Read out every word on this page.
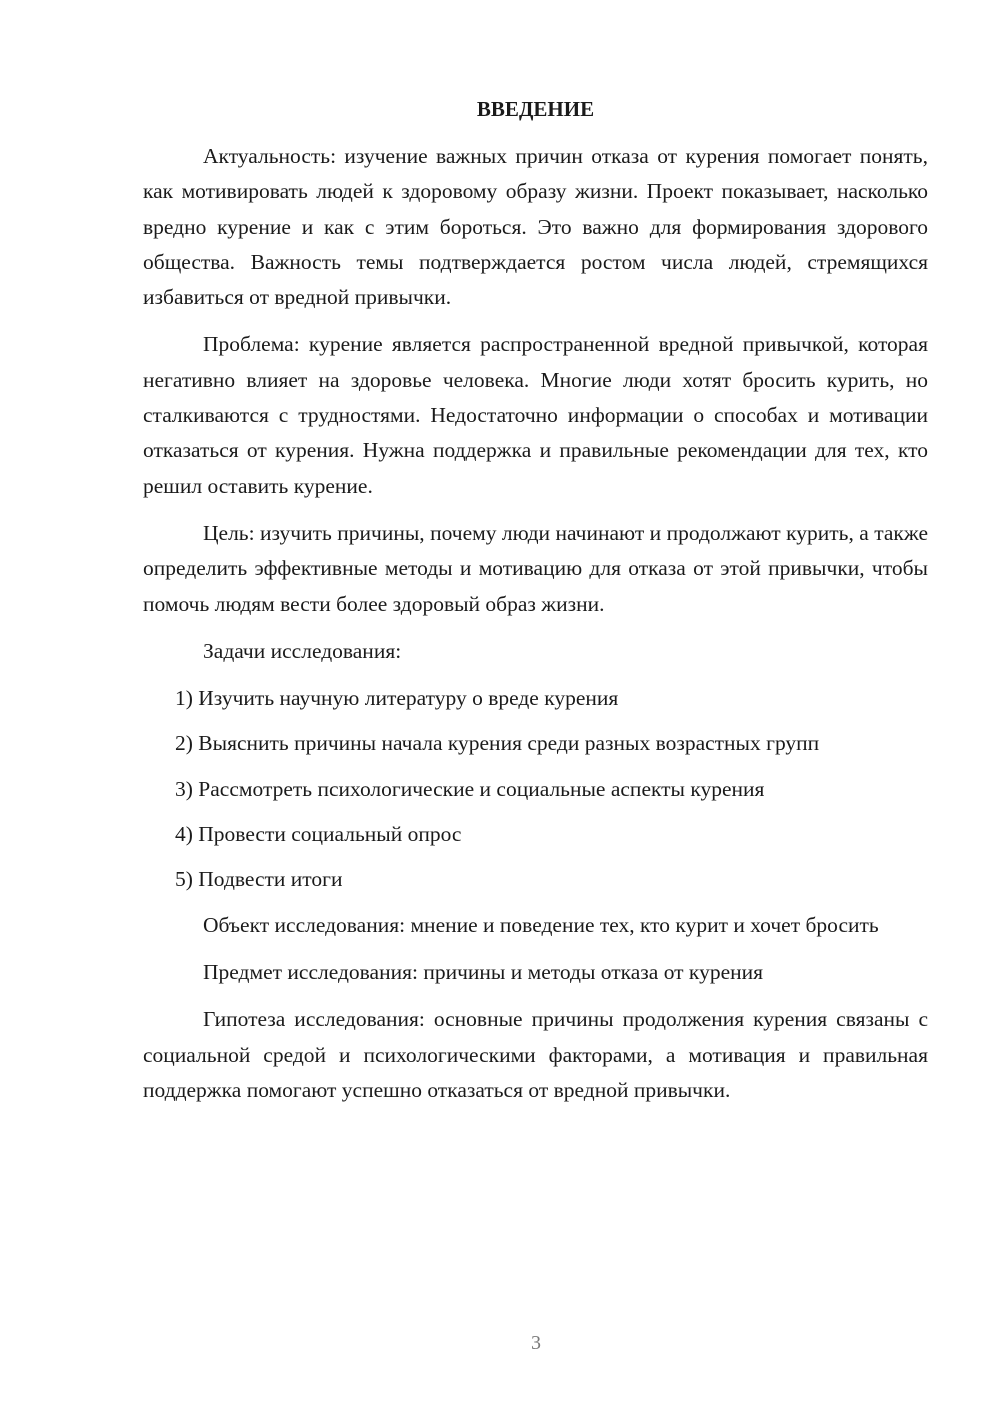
ВВЕДЕНИЕ

Актуальность: изучение важных причин отказа от курения помогает понять, как мотивировать людей к здоровому образу жизни. Проект показывает, насколько вредно курение и как с этим бороться. Это важно для формирования здорового общества. Важность темы подтверждается ростом числа людей, стремящихся избавиться от вредной привычки.

Проблема: курение является распространенной вредной привычкой, которая негативно влияет на здоровье человека. Многие люди хотят бросить курить, но сталкиваются с трудностями. Недостаточно информации о способах и мотивации отказаться от курения. Нужна поддержка и правильные рекомендации для тех, кто решил оставить курение.

Цель: изучить причины, почему люди начинают и продолжают курить, а также определить эффективные методы и мотивацию для отказа от этой привычки, чтобы помочь людям вести более здоровый образ жизни.

Задачи исследования:

1) Изучить научную литературу о вреде курения
2) Выяснить причины начала курения среди разных возрастных групп
3) Рассмотреть психологические и социальные аспекты курения
4) Провести социальный опрос
5) Подвести итоги

Объект исследования: мнение и поведение тех, кто курит и хочет бросить

Предмет исследования: причины и методы отказа от курения

Гипотеза исследования: основные причины продолжения курения связаны с социальной средой и психологическими факторами, а мотивация и правильная поддержка помогают успешно отказаться от вредной привычки.

3
